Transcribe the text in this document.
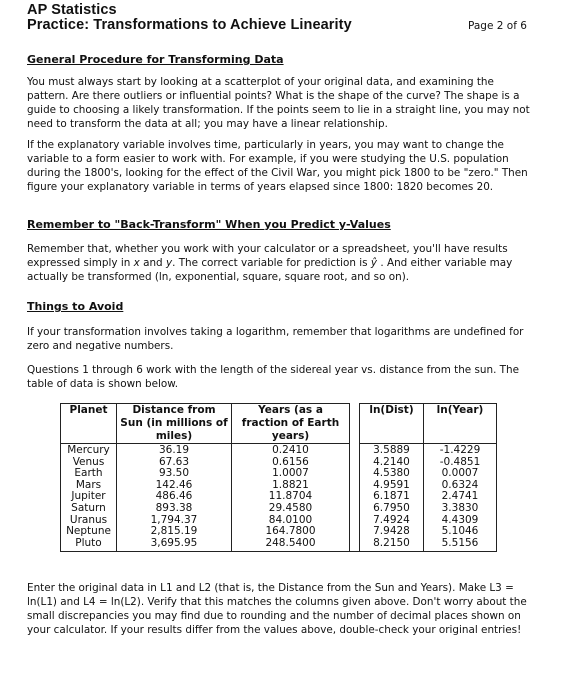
AP Statistics
Practice: Transformations to Achieve Linearity	Page 2 of 6
General Procedure for Transforming Data
You must always start by looking at a scatterplot of your original data, and examining the pattern. Are there outliers or influential points? What is the shape of the curve? The shape is a guide to choosing a likely transformation. If the points seem to lie in a straight line, you may not need to transform the data at all; you may have a linear relationship.
If the explanatory variable involves time, particularly in years, you may want to change the variable to a form easier to work with. For example, if you were studying the U.S. population during the 1800's, looking for the effect of the Civil War, you might pick 1800 to be "zero." Then figure your explanatory variable in terms of years elapsed since 1800: 1820 becomes 20.
Remember to "Back-Transform" When you Predict y-Values
Remember that, whether you work with your calculator or a spreadsheet, you'll have results expressed simply in x and y. The correct variable for prediction is ŷ . And either variable may actually be transformed (ln, exponential, square, square root, and so on).
Things to Avoid
If your transformation involves taking a logarithm, remember that logarithms are undefined for zero and negative numbers.
Questions 1 through 6 work with the length of the sidereal year vs. distance from the sun. The table of data is shown below.
Planet	Distance from Sun (in millions of miles)	Years (as a fraction of Earth years)		ln(Dist)	ln(Year)
Mercury	36.19	0.2410		3.5889	-1.4229
Venus	67.63	0.6156		4.2140	-0.4851
Earth	93.50	1.0007		4.5380	0.0007
Mars	142.46	1.8821		4.9591	0.6324
Jupiter	486.46	11.8704		6.1871	2.4741
Saturn	893.38	29.4580		6.7950	3.3830
Uranus	1,794.37	84.0100		7.4924	4.4309
Neptune	2,815.19	164.7800		7.9428	5.1046
Pluto	3,695.95	248.5400		8.2150	5.5156
Enter the original data in L1 and L2 (that is, the Distance from the Sun and Years). Make L3 = ln(L1) and L4 = ln(L2). Verify that this matches the columns given above. Don't worry about the small discrepancies you may find due to rounding and the number of decimal places shown on your calculator. If your results differ from the values above, double-check your original entries!
